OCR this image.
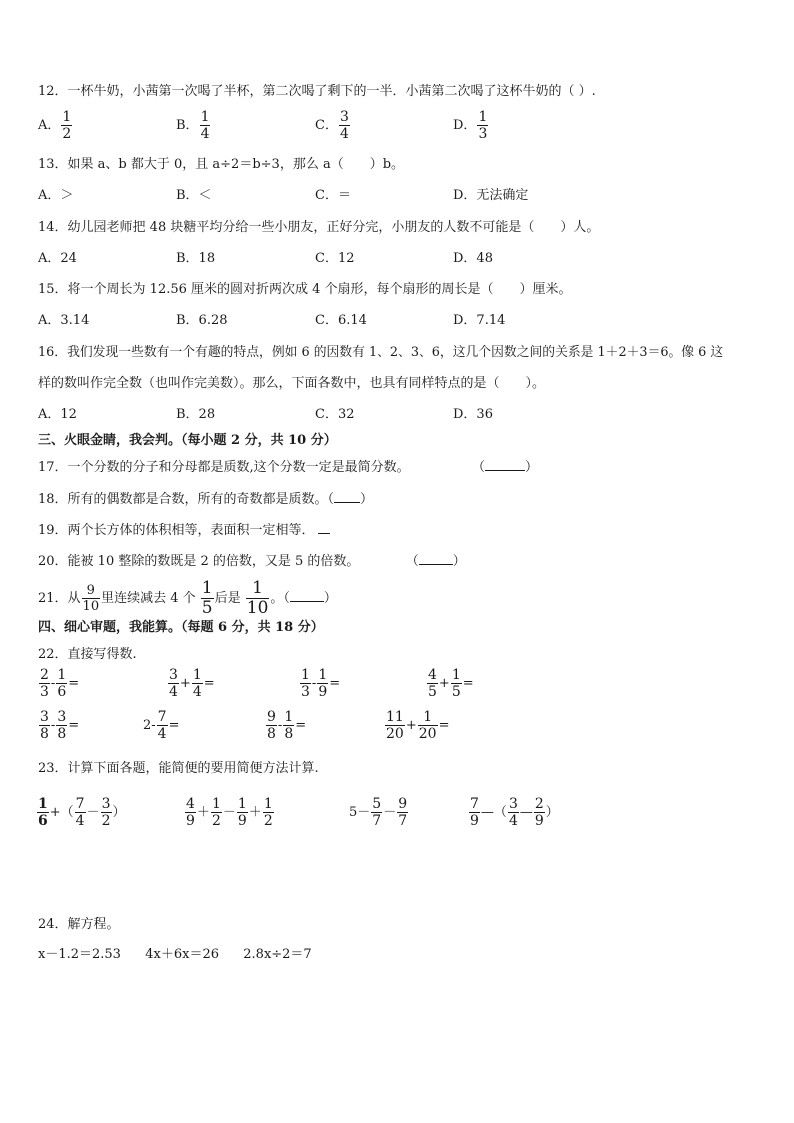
12．一杯牛奶，小茜第一次喝了半杯，第二次喝了剩下的一半．小茜第二次喝了这杯牛奶的（ ）.
A． $\frac{1}{2}$	B． $\frac{1}{4}$	C． $\frac{3}{4}$	D． $\frac{1}{3}$
13．如果 a、b 都大于 0，且 a÷2＝b÷3，那么 a（　　）b。
A．＞	B．＜	C．＝	D．无法确定
14．幼儿园老师把 48 块糖平均分给一些小朋友，正好分完，小朋友的人数不可能是（　　）人。
A．24	B．18	C．12	D．48
15．将一个周长为 12.56 厘米的圆对折两次成 4 个扇形，每个扇形的周长是（　　）厘米。
A．3.14	B．6.28	C．6.14	D．7.14
16．我们发现一些数有一个有趣的特点，例如 6 的因数有 1、2、3、6，这几个因数之间的关系是 1＋2＋3＝6。像 6 这
样的数叫作完全数（也叫作完美数）。那么，下面各数中，也具有同样特点的是（　　）。
A．12	B．28	C．32	D．36
三、火眼金睛，我会判。（每小题 2 分，共 10 分）
17．一个分数的分子和分母都是质数,这个分数一定是最简分数。	（	）
18．所有的偶数都是合数，所有的奇数都是质数。（ ）
19．两个长方体的体积相等，表面积一定相等．
20．能被 10 整除的数既是 2 的倍数，又是 5 的倍数。	（	）
21．从 $\frac{9}{10}$ 里连续减去 4 个 $\frac{1}{5}$ 后是 $\frac{1}{10}$ 。（	）
四、细心审题，我能算。（每题 6 分，共 18 分）
22．直接写得数.
$\frac{2}{3} - \frac{1}{6}$ =	$\frac{3}{4} + \frac{1}{4}$ =	$\frac{1}{3} - \frac{1}{9}$ =	$\frac{4}{5} + \frac{1}{5}$ =
$\frac{3}{8} - \frac{3}{8}$ =	$2- \frac{7}{4}$ =	$\frac{9}{8} - \frac{1}{8}$ =	$\frac{11}{20} + \frac{1}{20}$ =
23．计算下面各题，能简便的要用简便方法计算.
$\frac{1}{6}$ +（ $\frac{7}{4} - \frac{3}{2}$ ）	$\frac{4}{9} + \frac{1}{2} - \frac{1}{9} + \frac{1}{2}$	$5- \frac{5}{7} - \frac{9}{7}$	$\frac{7}{9}$ —（ $\frac{3}{4}$ — $\frac{2}{9}$ ）
24．解方程。
x－1.2＝2.53 4x＋6x＝26 2.8x÷2＝7
